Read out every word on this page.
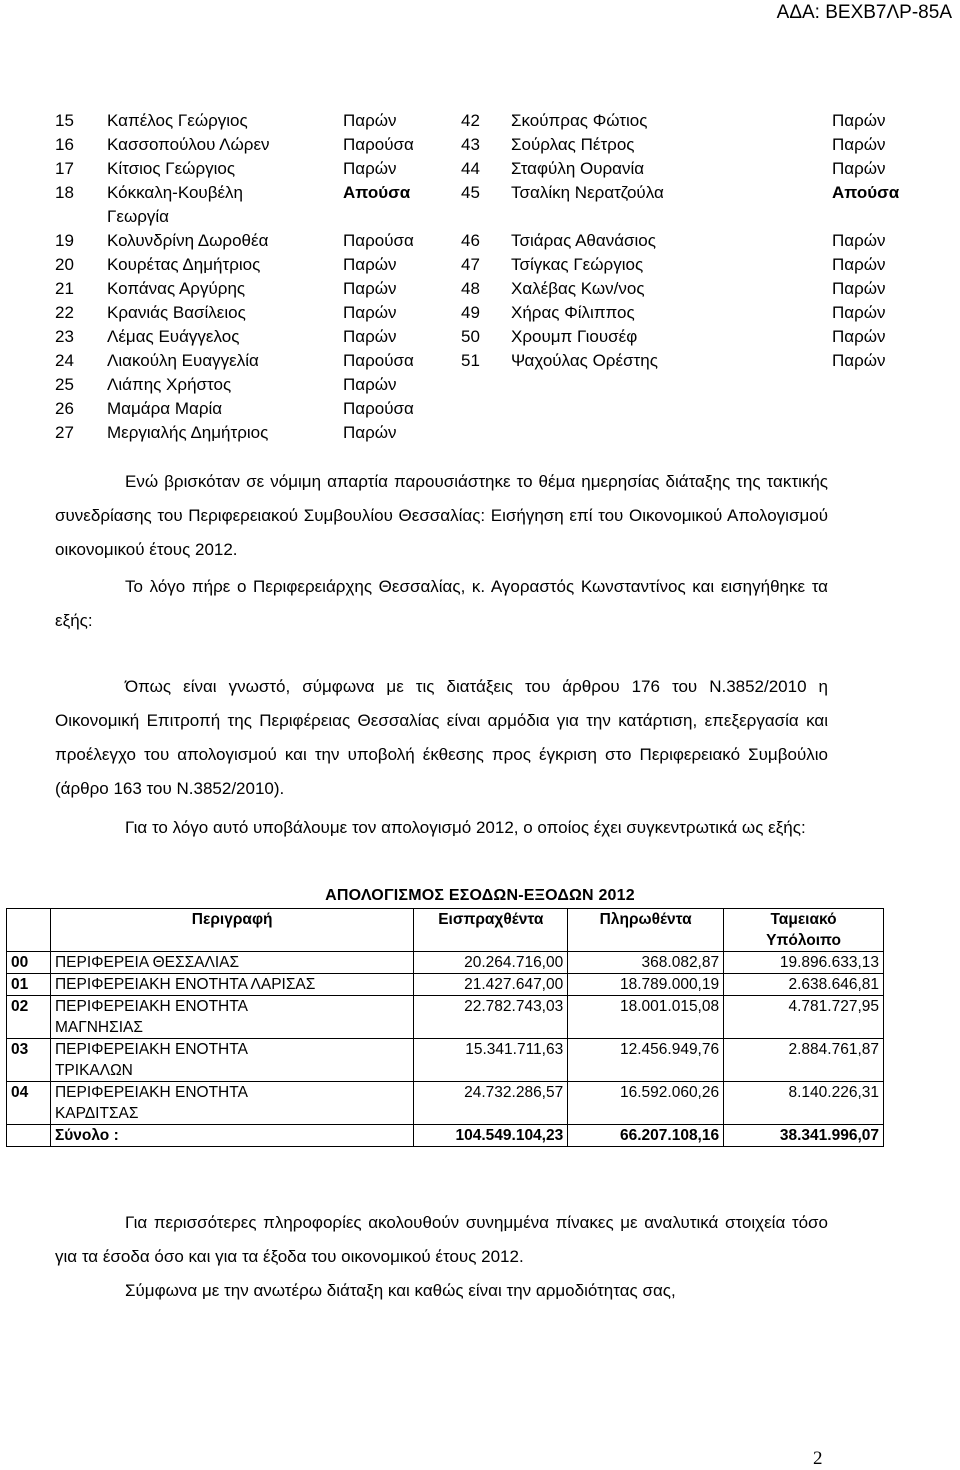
ΑΔΑ: ΒΕΧΒ7ΛΡ-85Α
15 Καπέλος Γεώργιος	Παρών
16 Κασσοπούλου Λώρεν	Παρούσα
17 Κίτσιος Γεώργιος	Παρών
18 Κόκκαλη-Κουβέλη	Απούσα
Γεωργία
19 Κολυνδρίνη Δωροθέα	Παρούσα
20 Κουρέτας Δημήτριος	Παρών
21 Κοπάνας Αργύρης	Παρών
22 Κρανιάς Βασίλειος	Παρών
23 Λέμας Ευάγγελος	Παρών
24 Λιακούλη Ευαγγελία	Παρούσα
25 Λιάπης Χρήστος	Παρών
26 Μαμάρα Μαρία	Παρούσα
27 Μεργιαλής Δημήτριος	Παρών
42 Σκούπρας Φώτιος	Παρών
43 Σούρλας Πέτρος	Παρών
44 Σταφύλη Ουρανία	Παρών
45 Τσαλίκη Νερατζούλα	Απούσα
46 Τσιάρας Αθανάσιος	Παρών
47 Τσίγκας Γεώργιος	Παρών
48 Χαλέβας Κων/νος	Παρών
49 Χήρας Φίλιππος	Παρών
50 Χρουμπ Γιουσέφ	Παρών
51 Ψαχούλας Ορέστης	Παρών
Ενώ βρισκόταν σε νόμιμη απαρτία παρουσιάστηκε το θέμα ημερησίας διάταξης της τακτικής συνεδρίασης του Περιφερειακού Συμβουλίου Θεσσαλίας: Εισήγηση επί του Οικονομικού Απολογισμού οικονομικού έτους 2012.
Το λόγο πήρε ο Περιφερειάρχης Θεσσαλίας, κ. Αγοραστός Κωνσταντίνος και εισηγήθηκε τα εξής:
Όπως είναι γνωστό, σύμφωνα με τις διατάξεις του άρθρου 176 του Ν.3852/2010 η Οικονομική Επιτροπή της Περιφέρειας Θεσσαλίας είναι αρμόδια για την κατάρτιση, επεξεργασία και προέλεγχο του απολογισμού και την υποβολή έκθεσης προς έγκριση στο Περιφερειακό Συμβούλιο (άρθρο 163 του Ν.3852/2010).
Για το λόγο αυτό υποβάλουμε τον απολογισμό 2012, ο οποίος έχει συγκεντρωτικά ως εξής:
ΑΠΟΛΟΓΙΣΜΟΣ ΕΣΟΔΩΝ-ΕΞΟΔΩΝ 2012
	Περιγραφή	Εισπραχθέντα	Πληρωθέντα	Ταμειακό
Υπόλοιπο

00	ΠΕΡΙΦΕΡΕΙΑ ΘΕΣΣΑΛΙΑΣ	20.264.716,00	368.082,87	19.896.633,13
01	ΠΕΡΙΦΕΡΕΙΑΚΗ ΕΝΟΤΗΤΑ ΛΑΡΙΣΑΣ	21.427.647,00	18.789.000,19	2.638.646,81
02	ΠΕΡΙΦΕΡΕΙΑΚΗ ΕΝΟΤΗΤΑ
ΜΑΓΝΗΣΙΑΣ	22.782.743,03	18.001.015,08	4.781.727,95
03	ΠΕΡΙΦΕΡΕΙΑΚΗ ΕΝΟΤΗΤΑ
ΤΡΙΚΑΛΩΝ	15.341.711,63	12.456.949,76	2.884.761,87
04	ΠΕΡΙΦΕΡΕΙΑΚΗ ΕΝΟΤΗΤΑ
ΚΑΡΔΙΤΣΑΣ	24.732.286,57	16.592.060,26	8.140.226,31
	Σύνολο :	104.549.104,23	66.207.108,16	38.341.996,07
Για περισσότερες πληροφορίες ακολουθούν συνημμένα πίνακες με αναλυτικά στοιχεία τόσο για τα έσοδα όσο και για τα έξοδα του οικονομικού έτους 2012.
Σύμφωνα με την ανωτέρω διάταξη και καθώς είναι την αρμοδιότητας σας,
2
